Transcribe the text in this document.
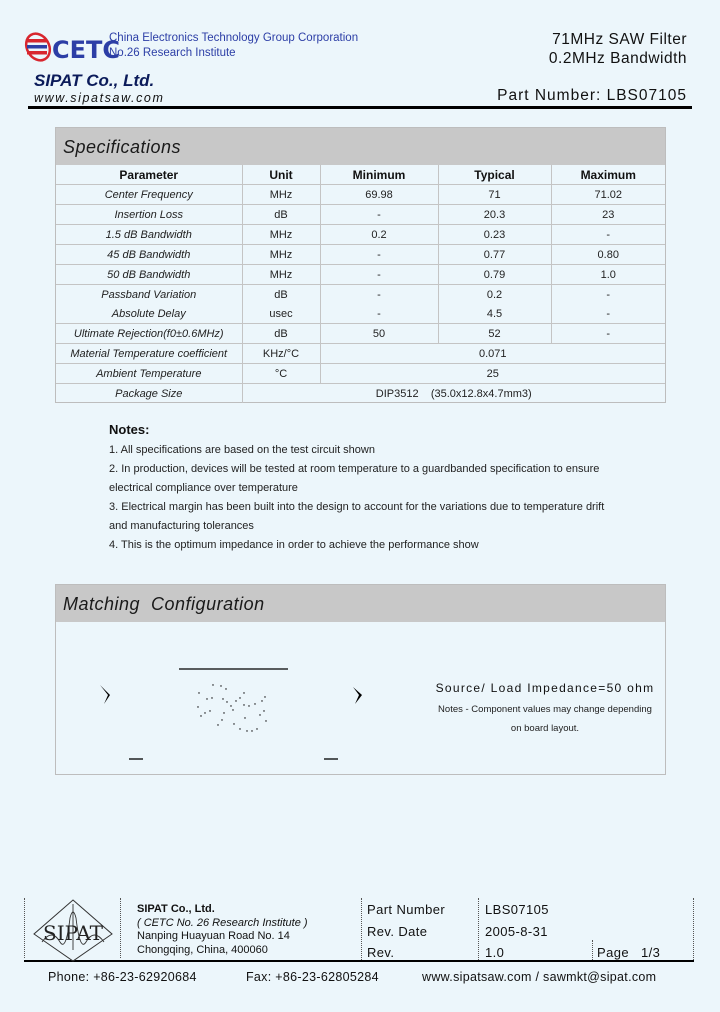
CETC
China Electronics Technology Group Corporation
No.26 Research Institute
SIPAT Co., Ltd.
www.sipatsaw.com
71MHz SAW Filter
0.2MHz Bandwidth
Part Number: LBS07105
Specifications
Parameter	Unit	Minimum	Typical	Maximum
Center Frequency	MHz	69.98	71	71.02
Insertion Loss	dB	-	20.3	23
1.5 dB Bandwidth	MHz	0.2	0.23	-
45 dB Bandwidth	MHz	-	0.77	0.80
50 dB Bandwidth	MHz	-	0.79	1.0
Passband Variation	dB	-	0.2	-
Absolute Delay	usec	-	4.5	-
Ultimate Rejection(f0±0.6MHz)	dB	50	52	-
Material Temperature coefficient	KHz/°C	0.071		
Ambient Temperature	°C	25		
Package Size	DIP3512    (35.0x12.8x4.7mm3)			
Notes:
1. All specifications are based on the test circuit shown
2. In production, devices will be tested at room temperature to a guardbanded specification to ensure
electrical compliance over temperature
3. Electrical margin has been built into the design to account for the variations due to temperature drift
and manufacturing tolerances
4. This is the optimum impedance in order to achieve the performance show
Matching  Configuration
Source/ Load Impedance=50 ohm
Notes - Component values may change depending
on board layout.
Part Number	LBS07105
Rev. Date	2005-8-31
Rev.	1.0	Page 1/3
SIPAT
SIPAT Co., Ltd.
( CETC No. 26 Research Institute )
Nanping Huayuan Road No. 14
Chongqing, China, 400060
Phone: +86-23-62920684	Fax: +86-23-62805284	www.sipatsaw.com / sawmkt@sipat.com
